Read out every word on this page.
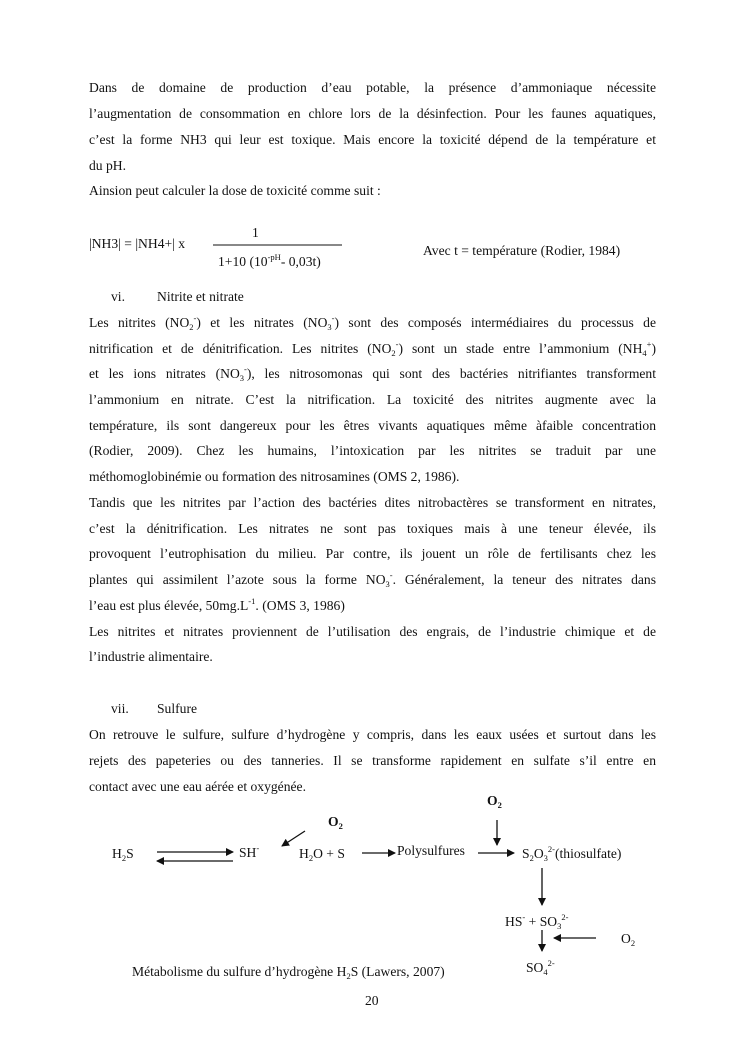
Dans de domaine de production d’eau potable, la présence d’ammoniaque nécessite
l’augmentation de consommation en chlore lors de la désinfection. Pour les faunes aquatiques,
c’est la forme NH3 qui leur est toxique. Mais encore la toxicité dépend de la température et
du pH.
Ainsion peut calculer la dose de toxicité comme suit :
|NH3| = |NH4+| x
1
1+10 ($10^{-pH}-$ 0,03t)
Avec t = température (Rodier, 1984)
vi. Nitrite et nitrate
Les nitrites $(NO_2^-)$ et les nitrates $(NO_3^-)$ sont des composés intermédiaires du processus de
nitrification et de dénitrification. Les nitrites $(NO_2^-)$ sont un stade entre l’ammonium $(NH_4^+)$
et les ions nitrates $(NO_3^-)$, les nitrosomonas qui sont des bactéries nitrifiantes transforment
l’ammonium en nitrate. C’est la nitrification. La toxicité des nitrites augmente avec la
température, ils sont dangereux pour les êtres vivants aquatiques même àfaible concentration
(Rodier, 2009). Chez les humains, l’intoxication par les nitrites se traduit par une
méthomoglobinémie ou formation des nitrosamines (OMS 2, 1986).
Tandis que les nitrites par l’action des bactéries dites nitrobactères se transforment en nitrates,
c’est la dénitrification. Les nitrates ne sont pas toxiques mais à une teneur élevée, ils
provoquent l’eutrophisation du milieu. Par contre, ils jouent un rôle de fertilisants chez les
plantes qui assimilent l’azote sous la forme $NO_3^-$. Généralement, la teneur des nitrates dans
l’eau est plus élevée, $50mg.L^{-1}$. (OMS 3, 1986)
Les nitrites et nitrates proviennent de l’utilisation des engrais, de l’industrie chimique et de
l’industrie alimentaire.
vii. Sulfure
On retrouve le sulfure, sulfure d’hydrogène y compris, dans les eaux usées et surtout dans les
rejets des papeteries ou des tanneries. Il se transforme rapidement en sulfate s’il entre en
contact avec une eau aérée et oxygénée.
$O_2$
$O_2$
$H_2S$	SH-	$H_2O + S$	Polysulfures	$S_2O_3^{2-}(thiosulfate)$
$HS^- + SO_3^{2-}$
$O_2$
$SO_4^{2-}$
Métabolisme du sulfure d’hydrogène $H_2S$ (Lawers, 2007)
20
